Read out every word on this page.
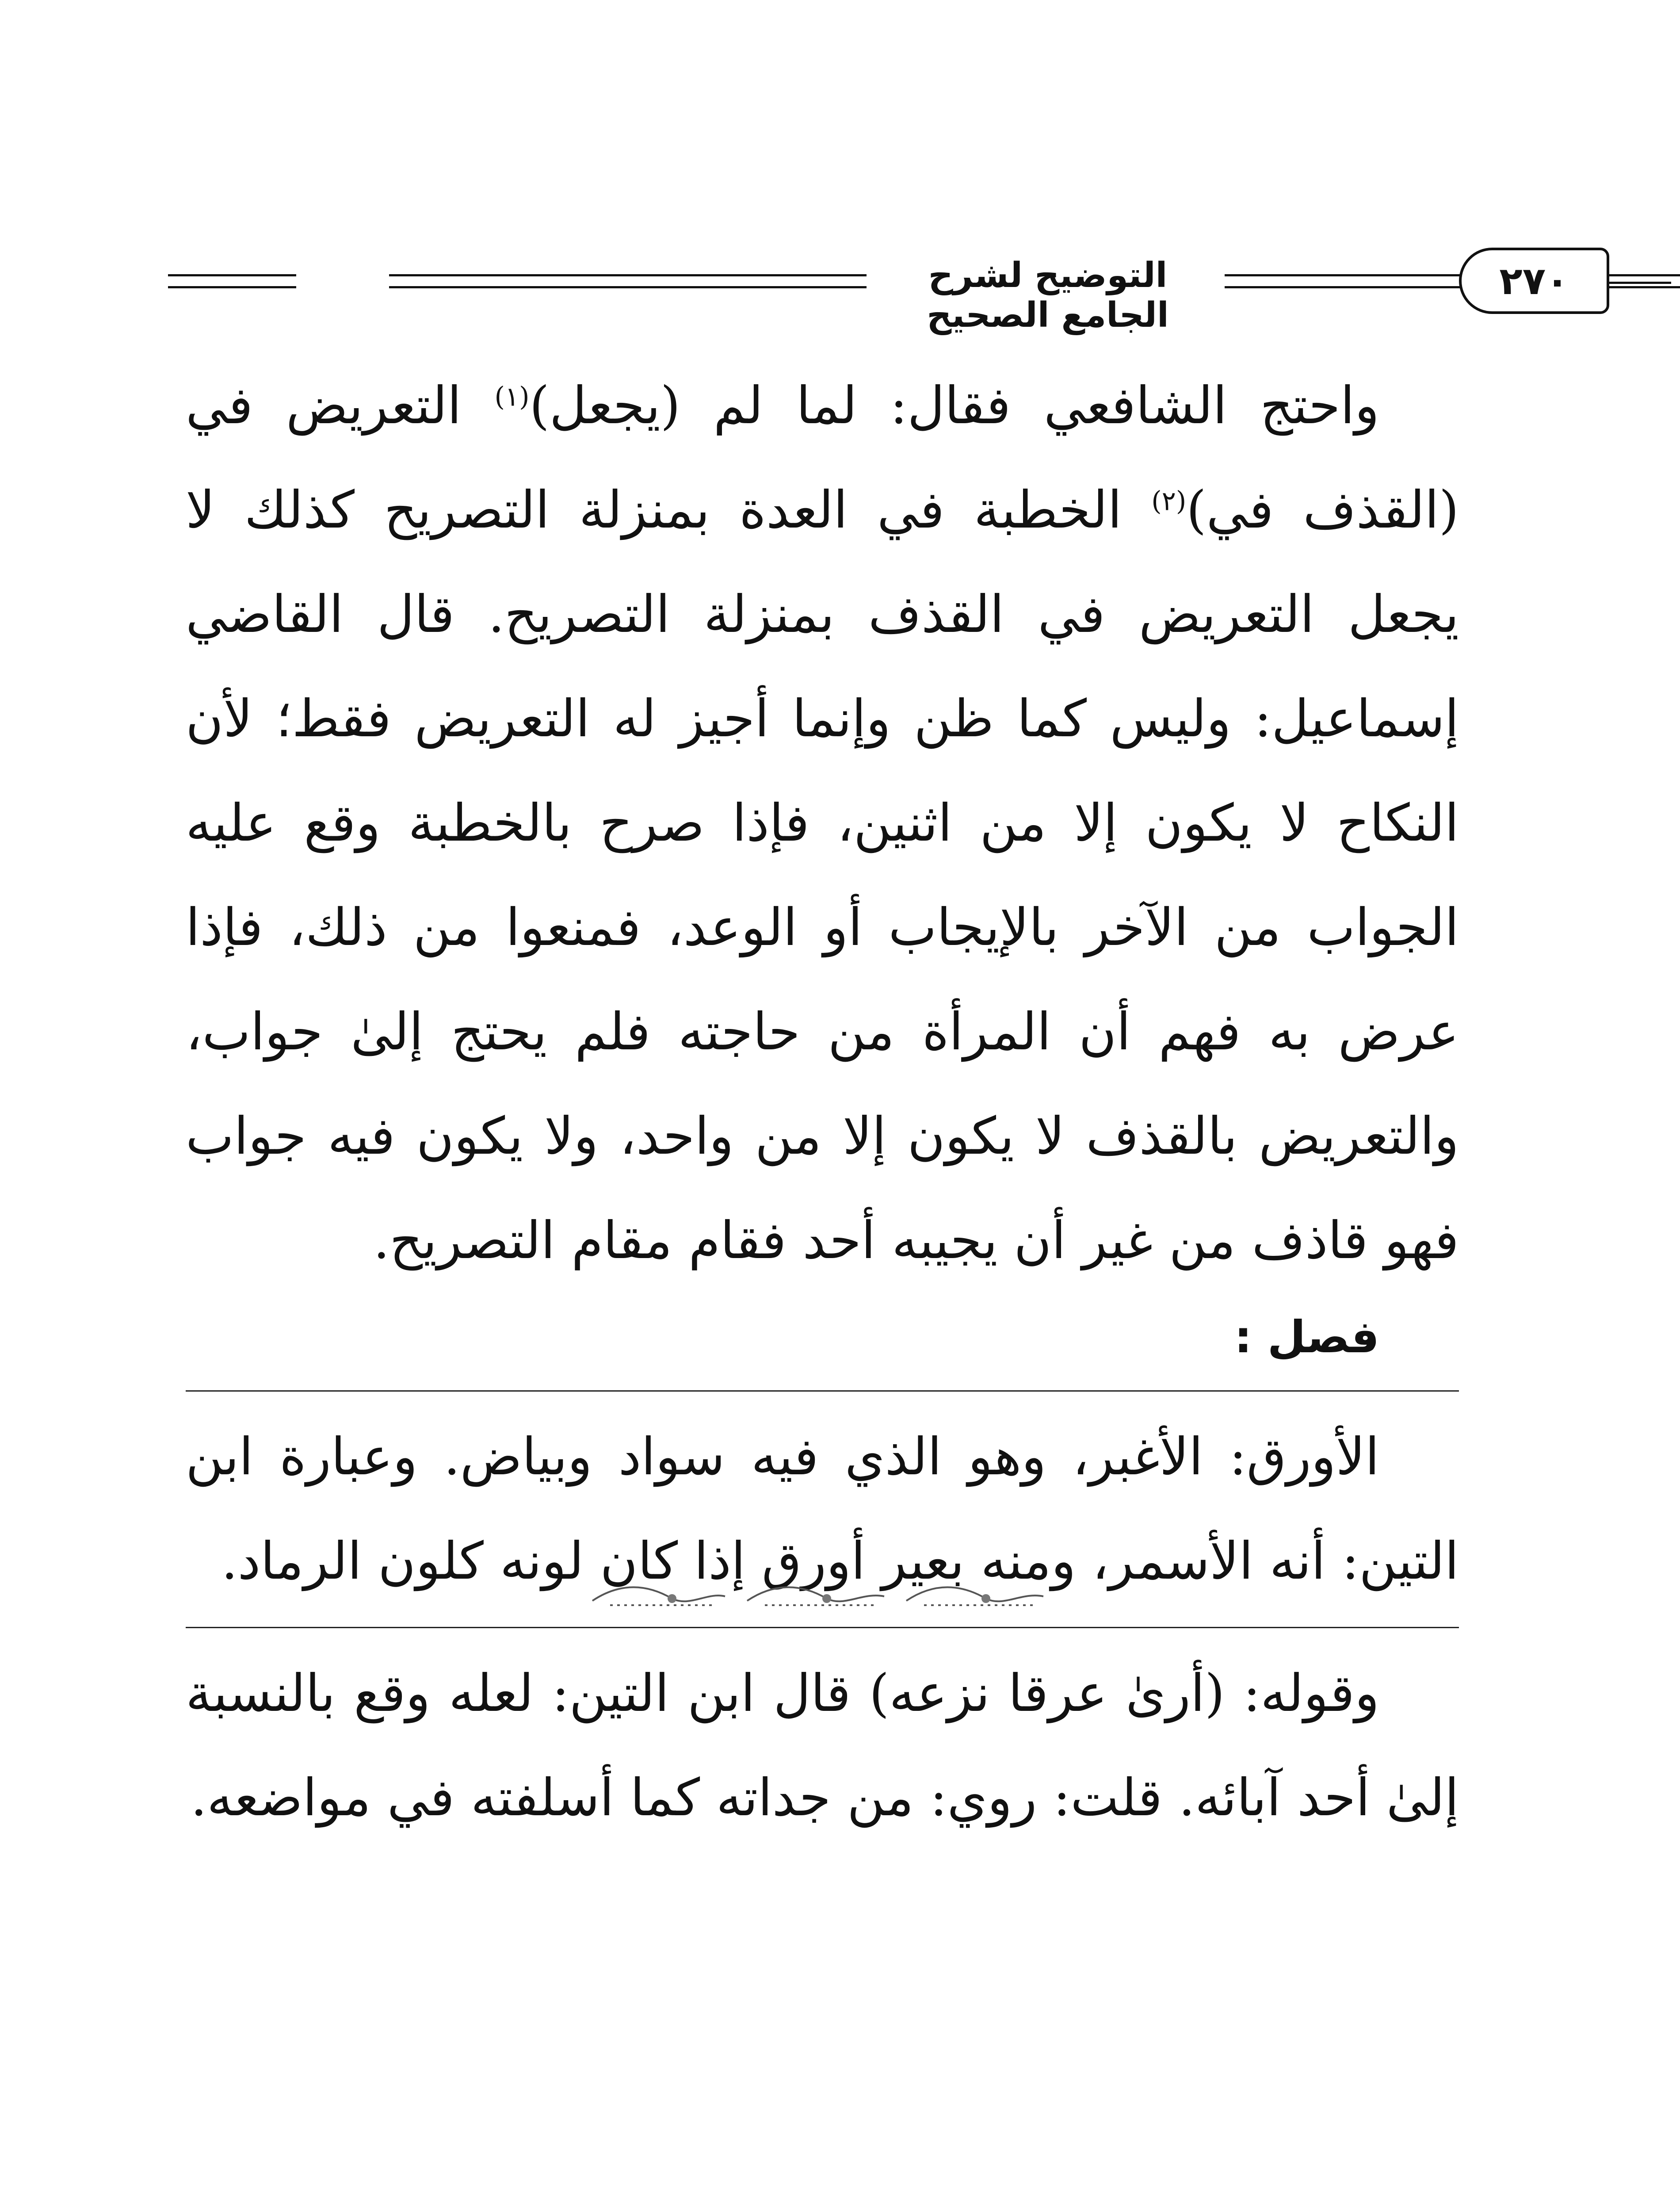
التوضيح لشرح الجامع الصحيح
٢٧٠

واحتج الشافعي فقال: لما لم (يجعل)$^{(١)}$ التعريض في (القذف في)$^{(٢)}$ الخطبة في العدة بمنزلة التصريح كذلك لا يجعل التعريض في القذف بمنزلة التصريح. قال القاضي إسماعيل: وليس كما ظن وإنما أجيز له التعريض فقط؛ لأن النكاح لا يكون إلا من اثنين، فإذا صرح بالخطبة وقع عليه الجواب من الآخر بالإيجاب أو الوعد، فمنعوا من ذلك، فإذا عرض به فهم أن المرأة من حاجته فلم يحتج إلىٰ جواب، والتعريض بالقذف لا يكون إلا من واحد، ولا يكون فيه جواب فهو قاذف من غير أن يجيبه أحد فقام مقام التصريح.

فصل :

الأورق: الأغبر، وهو الذي فيه سواد وبياض. وعبارة ابن التين: أنه الأسمر، ومنه بعير أورق إذا كان لونه كلون الرماد.

وقوله: (أرىٰ عرقا نزعه) قال ابن التين: لعله وقع بالنسبة إلىٰ أحد آبائه. قلت: روي: من جداته كما أسلفته في مواضعه.
